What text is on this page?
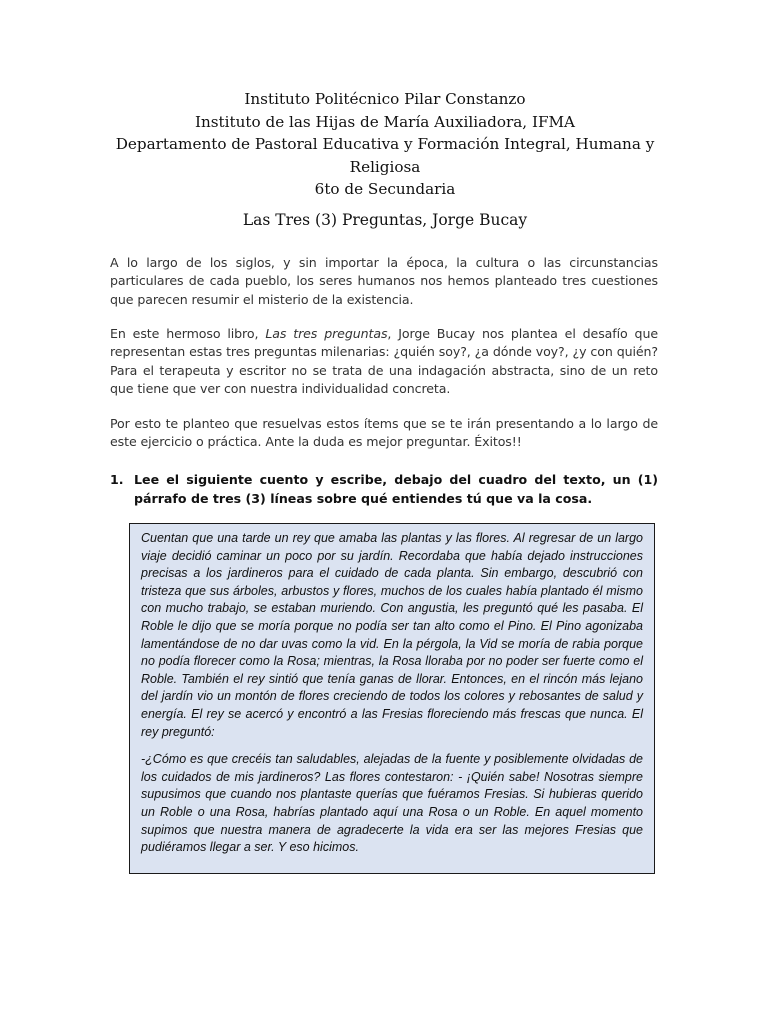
Instituto Politécnico Pilar Constanzo
Instituto de las Hijas de María Auxiliadora, IFMA
Departamento de Pastoral Educativa y Formación Integral, Humana y Religiosa
6to de Secundaria
Las Tres (3) Preguntas, Jorge Bucay

A lo largo de los siglos, y sin importar la época, la cultura o las circunstancias particulares de cada pueblo, los seres humanos nos hemos planteado tres cuestiones que parecen resumir el misterio de la existencia.

En este hermoso libro, Las tres preguntas, Jorge Bucay nos plantea el desafío que representan estas tres preguntas milenarias: ¿quién soy?, ¿a dónde voy?, ¿y con quién? Para el terapeuta y escritor no se trata de una indagación abstracta, sino de un reto que tiene que ver con nuestra individualidad concreta.

Por esto te planteo que resuelvas estos ítems que se te irán presentando a lo largo de este ejercicio o práctica. Ante la duda es mejor preguntar. Éxitos!!

1. Lee el siguiente cuento y escribe, debajo del cuadro del texto, un (1) párrafo de tres (3) líneas sobre qué entiendes tú que va la cosa.

Cuentan que una tarde un rey que amaba las plantas y las flores. Al regresar de un largo viaje decidió caminar un poco por su jardín. Recordaba que había dejado instrucciones precisas a los jardineros para el cuidado de cada planta. Sin embargo, descubrió con tristeza que sus árboles, arbustos y flores, muchos de los cuales había plantado él mismo con mucho trabajo, se estaban muriendo. Con angustia, les preguntó qué les pasaba. El Roble le dijo que se moría porque no podía ser tan alto como el Pino. El Pino agonizaba lamentándose de no dar uvas como la vid. En la pérgola, la Vid se moría de rabia porque no podía florecer como la Rosa; mientras, la Rosa lloraba por no poder ser fuerte como el Roble. También el rey sintió que tenía ganas de llorar. Entonces, en el rincón más lejano del jardín vio un montón de flores creciendo de todos los colores y rebosantes de salud y energía. El rey se acercó y encontró a las Fresias floreciendo más frescas que nunca. El rey preguntó:

-¿Cómo es que crecéis tan saludables, alejadas de la fuente y posiblemente olvidadas de los cuidados de mis jardineros? Las flores contestaron: - ¡Quién sabe! Nosotras siempre supusimos que cuando nos plantaste querías que fuéramos Fresias. Si hubieras querido un Roble o una Rosa, habrías plantado aquí una Rosa o un Roble. En aquel momento supimos que nuestra manera de agradecerte la vida era ser las mejores Fresias que pudiéramos llegar a ser. Y eso hicimos.
